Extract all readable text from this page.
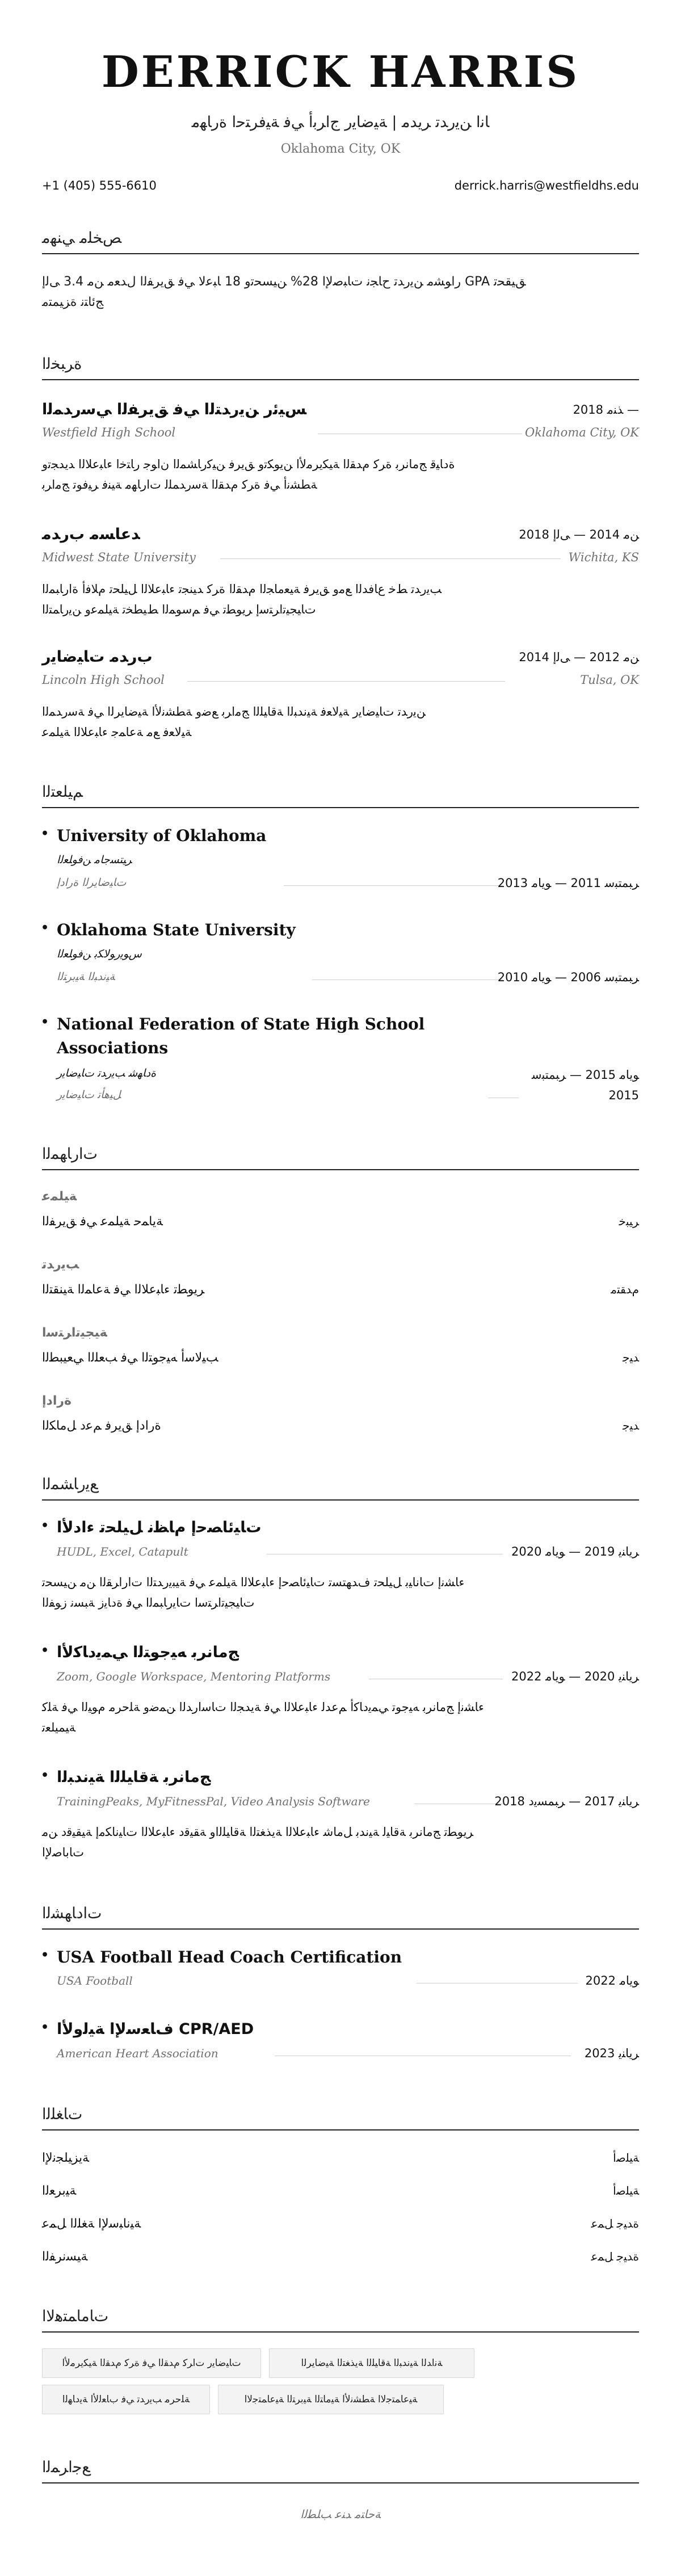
DERRICK HARRIS
ﺎﻧﺍ ﻦﻳﺭﺪﺗ ﺮﻳﺪﻣ | ﺔﻴﺿﺎﻳﺭ ﺝﺍﺮﺑﺃ ﻲﻓ ﺔﻴﻓﺮﺘﺣﺍ ﺓﺭﺎﻬﻣ
Oklahoma City, OK
+1 (405) 555-6610	derrick.harris@westfieldhs.edu
ﺺﺨﻠﻣ ﻲﻨﻬﻣ
ﺭﺍﻮﺸﻣ ﻦﻳﺭﺪﺗ ﺡﺎﺠﻧ ﺕﺎﺒﺻﻹﺍ 28% ﻦﻴﺴﺤﺗﻭ 18 ﺎﺒﻋﻻ ﻲﻓ ﻖﻳﺮﻔﻟﺍ ﻝﺪﻌﻣ ﻦﻣ 3.4 ﻰﻟﺇ GPA ﻖﻴﻘﺤﺗ
ﺞﺋﺎﺘﻧ ﺓﺰﻴﻤﺘﻣ
ﺓﺮﺒﺨﻟﺍ
ﺲﻴﺋﺭ ﻦﻳﺭﺪﺘﻟﺍ ﻲﻓ ﻖﻳﺮﻔﻟﺍ ﻲﺳﺭﺪﻤﻟﺍ	ﺬﻨﻣ 2018 —
Westfield High School	Oklahoma City, OK
ﺓﺩﺎﻴﻗ ﺞﻣﺎﻧﺮﺑ ﺓﺮﻛ ﻡﺪﻘﻟﺍ ﺔﻴﻜﻳﺮﻣﻷﺍ ﻦﻳﻮﻜﺗﻭ ﻖﻳﺮﻓ ﻦﻴﻛﺭﺎﺸﻤﻟﺍ ﻥﺍﻮﺟ ﺭﺎﺘﺧﺍ ﺀﺎﺒﻋﻼﻟﺍ ﺪﻳﺪﺠﺗﻭ
ﺔﻄﺸﻧﺃ ﻲﻓ ﺓﺮﻛ ﻡﺪﻘﻟﺍ ﺔﺳﺭﺪﻤﻠﻟ ﺕﺍﺭﺎﻬﻣ ﺔﻴﻨﻓ ﺮﻴﻓﻮﺗ ﺞﻣﺍﺮﺑ
ﺪﻋﺎﺴﻣ ﺏﺭﺪﻣ	ﻦﻣ 2014 — ﻰﻟﺇ 2018
Midwest State University	Wichita, KS
ﺐﻳﺭﺪﺗ ﻂﺧ ﻉﺎﻓﺪﻟﺍ ﻊﻣﻭ ﻖﻳﺮﻓ ﺔﻴﻌﻣﺎﺠﻟﺍ ﻡﺪﻘﻟﺍ ﺓﺮﻛ ﺪﻴﻨﺠﺗ ﺀﺎﺒﻋﻼﻟﺍ ﻞﻴﻠﺤﺗ ﻡﻼﻓﺃ ﺓﺍﺭﺎﺒﻤﻟﺍ
ﺕﺎﻴﺠﻴﺗﺍﺮﺘﺳﺇ ﺮﻳﻮﻄﺗ ﻲﻓ ﻢﺳﻮﻤﻟﺍ ﻂﻴﻄﺨﺗ ﺔﻴﻠﻤﻋﻭ ﻦﻳﺭﺎﻤﺘﻟﺍ
ﺏﺭﺪﻣ ﺕﺎﻴﺿﺎﻳﺭ	ﻦﻣ 2012 — ﻰﻟﺇ 2014
Lincoln High School	Tulsa, OK
ﻦﻳﺭﺪﺗ ﺕﺎﻴﺿﺎﻳﺭ ﺔﻴﻟﺎﻌﻓ ﺔﻴﻧﺪﺒﻟﺍ ﺔﻗﺎﻴﻠﻟﺍ ﺞﻣﺍﺮﺑ ﻊﺿﻭ ﺔﻄﺸﻧﻷﺍ ﺔﻴﺿﺎﻳﺮﻟﺍ ﻲﻓ ﺔﺳﺭﺪﻤﻟﺍ
ﺔﻴﻟﺎﻌﻓ ﻊﻣ ﺔﻋﺎﻤﺟ ﺀﺎﺒﻋﻼﻟﺍ ﺔﻴﻠﻤﻋ
ﻢﻴﻠﻌﺘﻟﺍ
• University of Oklahoma
ﺮﻴﺘﺴﺟﺎﻣ ﻦﻓﻮﻠﻌﻟﺍ
ﺕﺎﻴﺿﺎﻳﺮﻟﺍ ﺓﺭﺍﺩﺇ	ﺮﺒﻤﺘﺒﺳ 2011 — ﻮﻳﺎﻣ 2013
• Oklahoma State University
ﺱﻮﻳﺭﻮﻟﺎﻜﺑ ﻦﻓﻮﻠﻌﻟﺍ
ﺔﻴﻧﺪﺒﻟﺍ ﺔﻴﺑﺮﺘﻟﺍ	ﺮﺒﻤﺘﺒﺳ 2006 — ﻮﻳﺎﻣ 2010
• National Federation of State High School
Associations
ﺓﺩﺎﻬﺷ ﺐﻳﺭﺪﺗ ﺕﺎﻴﺿﺎﻳﺭ	ﻮﻳﺎﻣ 2015 — ﺮﺒﻤﺘﺒﺳ
ﻞﻴﻫﺄﺗ ﺕﺎﻴﺿﺎﻳﺭ	2015
ﺕﺍﺭﺎﻬﻤﻟﺍ
ﺔﻴﻠﻤﻋ
ﺔﻳﺎﻤﺣ ﺔﻴﻠﻤﻋ ﻲﻓ ﻖﻳﺮﻔﻟﺍ	ﺮﻴﺒﺧ
ﺐﻳﺭﺪﺗ
ﺮﻳﻮﻄﺗ ﺀﺎﺒﻋﻼﻟﺍ ﻲﻓ ﺔﻋﺎﻤﻟﺍ ﺔﻴﻨﻘﺘﻟﺍ	ﻡﺪﻘﺘﻣ
ﺔﻴﺠﻴﺗﺍﺮﺘﺳﺍ
ﺐﻴﻟﺎﺳﺃ ﻪﻴﺟﻮﺘﻟﺍ ﻲﻓ ﺐﻌﻠﻟﺍ ﻲﻌﻴﺒﻄﻟﺍ	ﺪﻴﺟ
ﺓﺭﺍﺩﺇ
ﺓﺭﺍﺩﺇ ﻖﻳﺮﻓ ﻢﻋﺩ ﻞﻣﺎﻜﻟﺍ	ﺪﻴﺟ
ﻊﻳﺭﺎﺸﻤﻟﺍ
• ﺕﺎﻴﺋﺎﺼﺣﺇ ﻡﺎﻈﻧ ﻞﻴﻠﺤﺗ ﺀﺍﺩﻷﺍ
HUDL, Excel, Catapult	ﺮﻳﺎﻨﻳ 2019 — ﻮﻳﺎﻣ 2020
ﺀﺎﺸﻧﺇ ﺕﺎﻧﺎﻴﺑ ﻞﻴﻠﺤﺗ ﻑﺪﻬﺘﺴﺗ ﺕﺎﻴﺋﺎﺼﺣﺇ ﺀﺎﺒﻋﻼﻟﺍ ﺔﻴﻠﻤﻋ ﻲﻓ ﺔﻴﺒﻳﺭﺪﺘﻟﺍ ﺕﺍﺭﺍﺮﻘﻟﺍ ﻦﻣ ﻦﻴﺴﺤﺗ
ﺕﺎﻴﺠﻴﺗﺍﺮﺘﺳﺍ ﺕﺎﻳﺭﺎﺒﻤﻟﺍ ﻲﻓ ﺓﺩﺎﻳﺯ ﺔﺒﺴﻧ ﺯﻮﻔﻟﺍ
• ﺞﻣﺎﻧﺮﺑ ﻪﻴﺟﻮﺘﻟﺍ ﻲﻤﻳﺩﺎﻛﻷﺍ
Zoom, Google Workspace, Mentoring Platforms	ﺮﻳﺎﻨﻳ 2020 — ﻮﻳﺎﻣ 2022
ﺀﺎﺸﻧﺇ ﺞﻣﺎﻧﺮﺑ ﻪﻴﺟﻮﺗ ﻲﻤﻳﺩﺎﻛﺃ ﻢﻋﺪﻟ ﺀﺎﺒﻋﻼﻟﺍ ﻲﻓ ﺔﻳﺪﺠﻟﺍ ﺕﺎﺳﺍﺭﺪﻟﺍ ﻦﻤﺿﻭ ﺔﻠﺣﺮﻣ ﻡﻮﻴﻟﺍ ﻲﻓ ﺔﻠﻛ
ﺔﻴﻤﻴﻠﻌﺗ
• ﺞﻣﺎﻧﺮﺑ ﺔﻗﺎﻴﻠﻟﺍ ﺔﻴﻧﺪﺒﻟﺍ
TrainingPeaks, MyFitnessPal, Video Analysis Software	ﺮﻳﺎﻨﻳ 2017 — ﺮﺒﻤﺴﻳﺩ 2018
ﺮﻳﻮﻄﺗ ﺞﻣﺎﻧﺮﺑ ﺔﻗﺎﻴﻟ ﺔﻴﻧﺪﺑ ﻞﻣﺎﺷ ﺀﺎﺒﻋﻼﻟﺍ ﺔﻳﺬﻐﺘﻟﺍ ﺔﻗﺎﻴﻠﻟﺍﻭ ﺔﻘﻴﻗﺩ ﺀﺎﺒﻋﻼﻟﺍ ﺕﺎﻴﻧﺎﻜﻣﺇ ﺔﻴﻘﻴﻗﺩ ﻦﻣ
ﺕﺎﺑﺎﺻﻹﺍ
ﺕﺍﺩﺎﻬﺸﻟﺍ
• USA Football Head Coach Certification
USA Football	ﻮﻳﺎﻣ 2022
• ﻑﺎﻌﺳﻹﺍ ﺔﻴﻟﻭﻷﺍ CPR/AED
American Heart Association	ﺮﻳﺎﻨﻳ 2023
ﺕﺎﻐﻠﻟﺍ
ﺔﻳﺰﻴﻠﺠﻧﻹﺍ	ﺔﻴﻠﺻﺃ
ﺔﻴﺑﺮﻌﻟﺍ	ﺔﻴﻠﺻﺃ
ﺔﻴﻧﺎﺒﺳﻹﺍ ﺔﻐﻠﻟﺍ ﻞﻤﻋ	ﺓﺪﻴﺟ ﻞﻤﻋ
ﺔﻴﺴﻧﺮﻔﻟﺍ	ﺓﺪﻴﺟ ﻞﻤﻋ
ﺕﺎﻣﺎﻤﺘﻫﻻﺍ
ﺕﺎﻴﺿﺎﻳﺭ ﺕﺍﺮﻛ ﻡﺪﻘﻟﺍ ﻲﻓ ﺓﺮﻛ ﻡﺪﻘﻟﺍ ﺔﻴﻜﻳﺮﻣﻷﺍ	ﺔﻧﺍﺪﻟﺍ ﺔﻴﻧﺪﺒﻟﺍ ﺔﻗﺎﻴﻠﻟﺍ ﺔﻳﺬﻐﺘﻟﺍ ﺔﻴﺿﺎﻳﺮﻟﺍ
ﺔﻠﺣﺮﻣ ﺐﻳﺭﺪﺗ ﻲﻓ ﺏﺎﻌﻟﻷﺍ ﺔﻳﺩﺎﻬﻟﺍ	ﺔﻴﻋﺎﻤﺘﺟﻻﺍ ﺔﻄﺸﻧﻷﺍ ﺔﻴﻣﺎﺘﻟﺍ ﺔﻴﺑﺮﺘﻟﺍ ﺔﻴﻋﺎﻤﺘﺟﻻﺍ
ﻊﺟﺍﺮﻤﻟﺍ
ﺔﺣﺎﺘﻣ ﺪﻨﻋ ﺐﻠﻄﻟﺍ
